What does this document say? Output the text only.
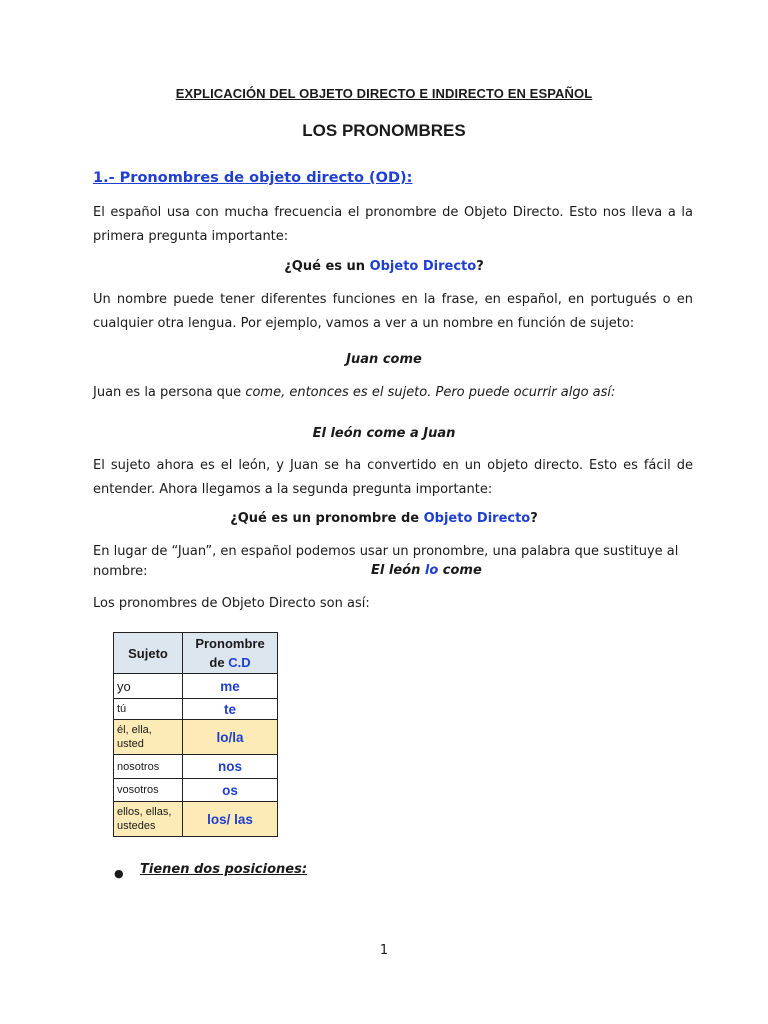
EXPLICACIÓN DEL OBJETO DIRECTO E INDIRECTO EN ESPAÑOL
LOS PRONOMBRES
1.- Pronombres de objeto directo (OD):
El español usa con mucha frecuencia el pronombre de Objeto Directo. Esto nos lleva a la primera pregunta importante:
¿Qué es un Objeto Directo?
Un nombre puede tener diferentes funciones en la frase, en español, en portugués o en cualquier otra lengua. Por ejemplo, vamos a ver a un nombre en función de sujeto:
Juan come
Juan es la persona que come, entonces es el sujeto. Pero puede ocurrir algo así:
El león come a Juan
El sujeto ahora es el león, y Juan se ha convertido en un objeto directo. Esto es fácil de entender. Ahora llegamos a la segunda pregunta importante:
¿Qué es un pronombre de Objeto Directo?
En lugar de “Juan”, en español podemos usar un pronombre, una palabra que sustituye al
nombre:	El león lo come
Los pronombres de Objeto Directo son así:
Sujeto	Pronombre
de C.D
yo	me
tú	te
él, ella, usted	lo/la
nosotros	nos
vosotros	os
ellos, ellas, ustedes	los/ las
● Tienen dos posiciones:
1
